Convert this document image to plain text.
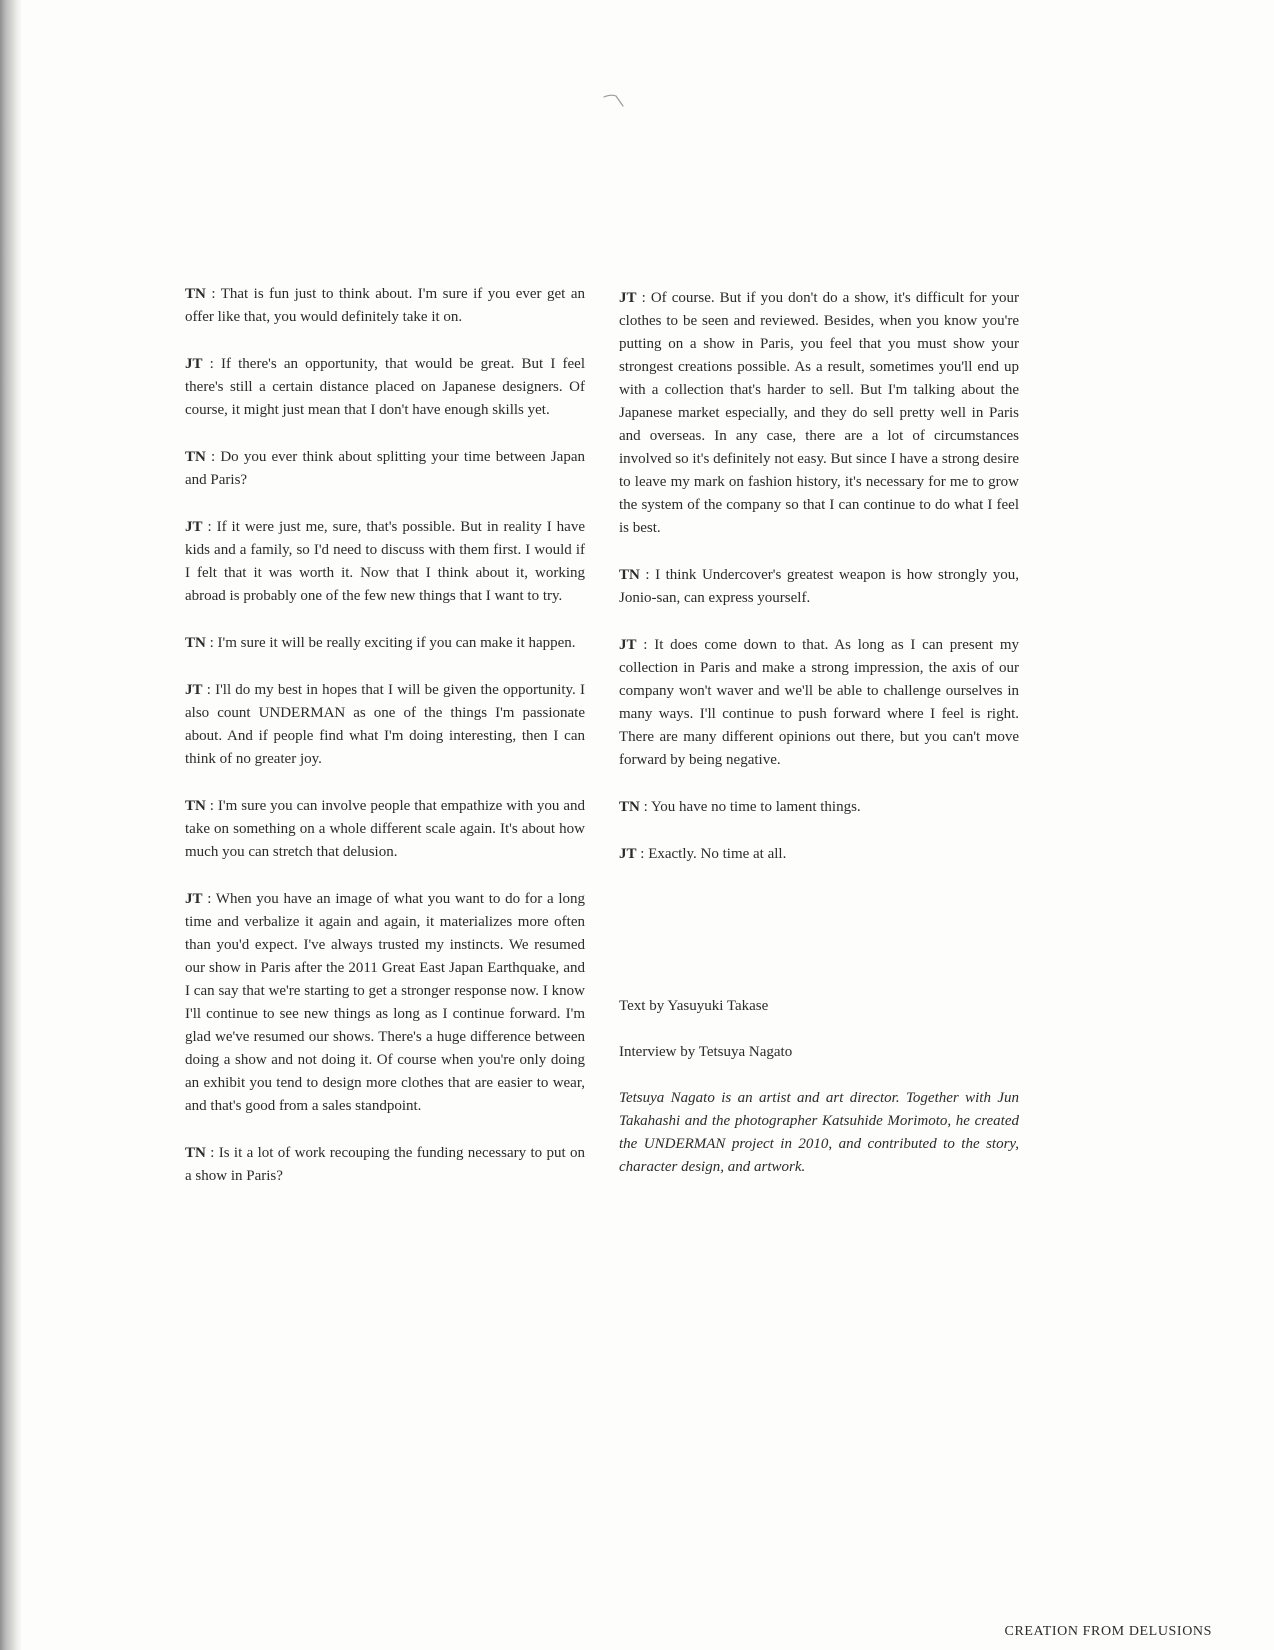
TN : That is fun just to think about. I'm sure if you ever get an offer like that, you would definitely take it on.

JT : If there's an opportunity, that would be great. But I feel there's still a certain distance placed on Japanese designers. Of course, it might just mean that I don't have enough skills yet.

TN : Do you ever think about splitting your time between Japan and Paris?

JT : If it were just me, sure, that's possible. But in reality I have kids and a family, so I'd need to discuss with them first. I would if I felt that it was worth it. Now that I think about it, working abroad is probably one of the few new things that I want to try.

TN : I'm sure it will be really exciting if you can make it happen.

JT : I'll do my best in hopes that I will be given the opportunity. I also count UNDERMAN as one of the things I'm passionate about. And if people find what I'm doing interesting, then I can think of no greater joy.

TN : I'm sure you can involve people that empathize with you and take on something on a whole different scale again. It's about how much you can stretch that delusion.

JT : When you have an image of what you want to do for a long time and verbalize it again and again, it materializes more often than you'd expect. I've always trusted my instincts. We resumed our show in Paris after the 2011 Great East Japan Earthquake, and I can say that we're starting to get a stronger response now. I know I'll continue to see new things as long as I continue forward. I'm glad we've resumed our shows. There's a huge difference between doing a show and not doing it. Of course when you're only doing an exhibit you tend to design more clothes that are easier to wear, and that's good from a sales standpoint.

TN : Is it a lot of work recouping the funding necessary to put on a show in Paris?

JT : Of course. But if you don't do a show, it's difficult for your clothes to be seen and reviewed. Besides, when you know you're putting on a show in Paris, you feel that you must show your strongest creations possible. As a result, sometimes you'll end up with a collection that's harder to sell. But I'm talking about the Japanese market especially, and they do sell pretty well in Paris and overseas. In any case, there are a lot of circumstances involved so it's definitely not easy. But since I have a strong desire to leave my mark on fashion history, it's necessary for me to grow the system of the company so that I can continue to do what I feel is best.

TN : I think Undercover's greatest weapon is how strongly you, Jonio-san, can express yourself.

JT : It does come down to that. As long as I can present my collection in Paris and make a strong impression, the axis of our company won't waver and we'll be able to challenge ourselves in many ways. I'll continue to push forward where I feel is right. There are many different opinions out there, but you can't move forward by being negative.

TN : You have no time to lament things.

JT : Exactly. No time at all.

Text by Yasuyuki Takase

Interview by Tetsuya Nagato

Tetsuya Nagato is an artist and art director. Together with Jun Takahashi and the photographer Katsuhide Morimoto, he created the UNDERMAN project in 2010, and contributed to the story, character design, and artwork.

CREATION FROM DELUSIONS
